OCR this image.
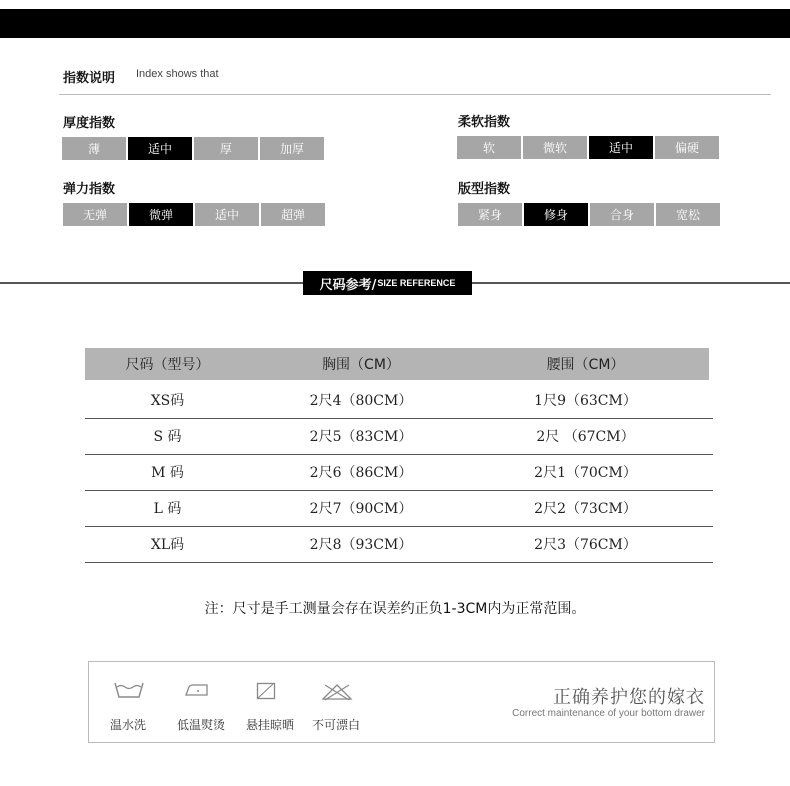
指数说明 Index shows that
厚度指数
薄	适中	厚	加厚
柔软指数
软	微软	适中	偏硬
弹力指数
无弹	微弹	适中	超弹
版型指数
紧身	修身	合身	宽松
尺码参考/ SIZE REFERENCE
尺码（型号）	胸围（CM）	腰围（CM）
XS码	2尺4（80CM）	1尺9（63CM）
S 码	2尺5（83CM）	2尺 （67CM）
M 码	2尺6（86CM）	2尺1（70CM）
L 码	2尺7（90CM）	2尺2（73CM）
XL码	2尺8（93CM）	2尺3（76CM）
注：尺寸是手工测量会存在误差约正负1-3CM内为正常范围。
温水洗	低温熨烫 悬挂晾晒 不可漂白
正确养护您的嫁衣
Correct maintenance of your bottom drawer
